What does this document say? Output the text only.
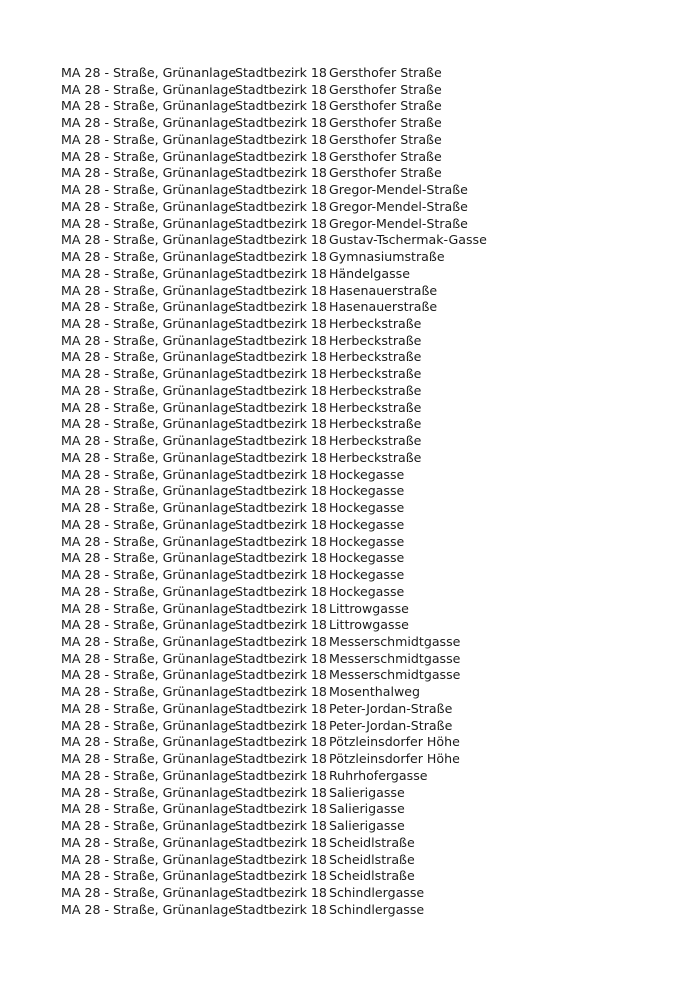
MA 28 - Straße, Grünanlage
Stadtbezirk 18 Gersthofer Straße
MA 28 - Straße, Grünanlage
Stadtbezirk 18 Gersthofer Straße
MA 28 - Straße, Grünanlage
Stadtbezirk 18 Gersthofer Straße
MA 28 - Straße, Grünanlage
Stadtbezirk 18 Gersthofer Straße
MA 28 - Straße, Grünanlage
Stadtbezirk 18 Gersthofer Straße
MA 28 - Straße, Grünanlage
Stadtbezirk 18 Gersthofer Straße
MA 28 - Straße, Grünanlage
Stadtbezirk 18 Gersthofer Straße
MA 28 - Straße, Grünanlage
Stadtbezirk 18 Gregor-Mendel-Straße
MA 28 - Straße, Grünanlage
Stadtbezirk 18 Gregor-Mendel-Straße
MA 28 - Straße, Grünanlage
Stadtbezirk 18 Gregor-Mendel-Straße
MA 28 - Straße, Grünanlage
Stadtbezirk 18 Gustav-Tschermak-Gasse
MA 28 - Straße, Grünanlage
Stadtbezirk 18 Gymnasiumstraße
MA 28 - Straße, Grünanlage
Stadtbezirk 18 Händelgasse
MA 28 - Straße, Grünanlage
Stadtbezirk 18 Hasenauerstraße
MA 28 - Straße, Grünanlage
Stadtbezirk 18 Hasenauerstraße
MA 28 - Straße, Grünanlage
Stadtbezirk 18 Herbeckstraße
MA 28 - Straße, Grünanlage
Stadtbezirk 18 Herbeckstraße
MA 28 - Straße, Grünanlage
Stadtbezirk 18 Herbeckstraße
MA 28 - Straße, Grünanlage
Stadtbezirk 18 Herbeckstraße
MA 28 - Straße, Grünanlage
Stadtbezirk 18 Herbeckstraße
MA 28 - Straße, Grünanlage
Stadtbezirk 18 Herbeckstraße
MA 28 - Straße, Grünanlage
Stadtbezirk 18 Herbeckstraße
MA 28 - Straße, Grünanlage
Stadtbezirk 18 Herbeckstraße
MA 28 - Straße, Grünanlage
Stadtbezirk 18 Herbeckstraße
MA 28 - Straße, Grünanlage
Stadtbezirk 18 Hockegasse
MA 28 - Straße, Grünanlage
Stadtbezirk 18 Hockegasse
MA 28 - Straße, Grünanlage
Stadtbezirk 18 Hockegasse
MA 28 - Straße, Grünanlage
Stadtbezirk 18 Hockegasse
MA 28 - Straße, Grünanlage
Stadtbezirk 18 Hockegasse
MA 28 - Straße, Grünanlage
Stadtbezirk 18 Hockegasse
MA 28 - Straße, Grünanlage
Stadtbezirk 18 Hockegasse
MA 28 - Straße, Grünanlage
Stadtbezirk 18 Hockegasse
MA 28 - Straße, Grünanlage
Stadtbezirk 18 Littrowgasse
MA 28 - Straße, Grünanlage
Stadtbezirk 18 Littrowgasse
MA 28 - Straße, Grünanlage
Stadtbezirk 18 Messerschmidtgasse
MA 28 - Straße, Grünanlage
Stadtbezirk 18 Messerschmidtgasse
MA 28 - Straße, Grünanlage
Stadtbezirk 18 Messerschmidtgasse
MA 28 - Straße, Grünanlage
Stadtbezirk 18 Mosenthalweg
MA 28 - Straße, Grünanlage
Stadtbezirk 18 Peter-Jordan-Straße
MA 28 - Straße, Grünanlage
Stadtbezirk 18 Peter-Jordan-Straße
MA 28 - Straße, Grünanlage
Stadtbezirk 18 Pötzleinsdorfer Höhe
MA 28 - Straße, Grünanlage
Stadtbezirk 18 Pötzleinsdorfer Höhe
MA 28 - Straße, Grünanlage
Stadtbezirk 18 Ruhrhofergasse
MA 28 - Straße, Grünanlage
Stadtbezirk 18 Salierigasse
MA 28 - Straße, Grünanlage
Stadtbezirk 18 Salierigasse
MA 28 - Straße, Grünanlage
Stadtbezirk 18 Salierigasse
MA 28 - Straße, Grünanlage
Stadtbezirk 18 Scheidlstraße
MA 28 - Straße, Grünanlage
Stadtbezirk 18 Scheidlstraße
MA 28 - Straße, Grünanlage
Stadtbezirk 18 Scheidlstraße
MA 28 - Straße, Grünanlage
Stadtbezirk 18 Schindlergasse
MA 28 - Straße, Grünanlage
Stadtbezirk 18 Schindlergasse
